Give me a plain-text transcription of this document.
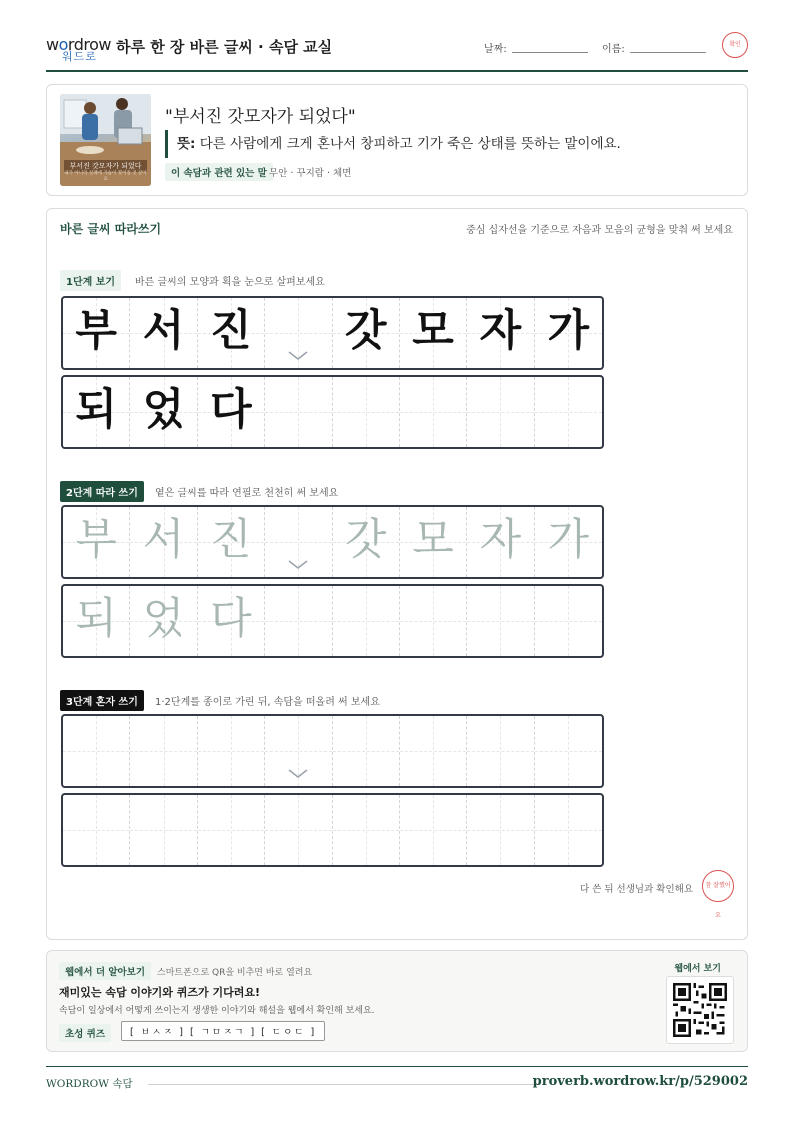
wordrow
워드로
하루 한 장 바른 글씨 · 속담 교실	날짜:	이름:	확인
부서진 갓모자가 되었다
내가 아니라 실패에 가슴이 찢어질 것 같아요
"부서진 갓모자가 되었다"
뜻: 다른 사람에게 크게 혼나서 창피하고 기가 죽은 상태를 뜻하는 말이에요.
이 속담과 관련 있는 말 무안 · 꾸지람 · 체면
바른 글씨 따라쓰기	중심 십자선을 기준으로 자음과 모음의 균형을 맞춰 써 보세요
1단계 보기	바른 글씨의 모양과 획을 눈으로 살펴보세요
부 서 진 갓 모 자 가
되 었 다
2단계 따라 쓰기	옅은 글씨를 따라 연필로 천천히 써 보세요
부 서 진 갓 모 자 가
되 었 다
3단계 혼자 쓰기	1·2단계를 종이로 가린 뒤, 속담을 떠올려 써 보세요
다 쓴 뒤 선생님과 확인해요	참 잘했어요
웹에서 더 알아보기	스마트폰으로 QR을 비추면 바로 열려요
재미있는 속담 이야기와 퀴즈가 기다려요!
속담이 일상에서 어떻게 쓰이는지 생생한 이야기와 해설을 웹에서 확인해 보세요.
초성 퀴즈	[ ㅂㅅㅈ ] [ ㄱㅁㅈㄱ ] [ ㄷㅇㄷ ]
웹에서 보기
WORDROW 속담	proverb.wordrow.kr/p/529002
